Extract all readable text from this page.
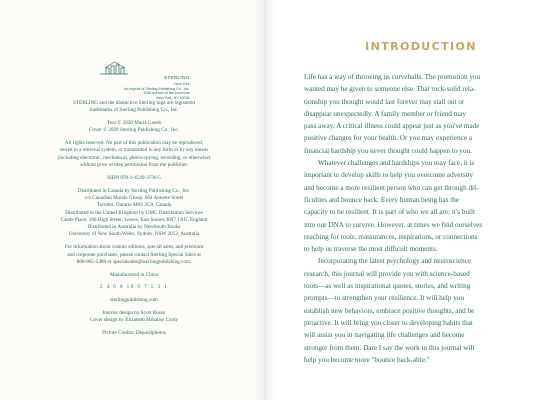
STERLING
New York
An Imprint of Sterling Publishing Co., Inc.
1166 Avenue of the Americas
New York, NY 10036
STERLING and the distinctive Sterling logo are registered
trademarks of Sterling Publishing Co., Inc.
Text © 2020 Maria Gaeeb
Cover © 2020 Sterling Publishing Co., Inc.
All rights reserved. No part of this publication may be reproduced,
stored in a retrieval system, or transmitted in any form or by any means
(including electronic, mechanical, photocopying, recording, or otherwise)
without prior written permission from the publisher.
ISBN 978-1-4549-3736-5
Distributed in Canada by Sterling Publishing Co., Inc.
c/o Canadian Manda Group, 664 Annette Street
Toronto, Ontario M6S 2C8, Canada
Distributed in the United Kingdom by GMC Distribution Services
Castle Place, 166 High Street, Lewes, East Sussex BN7 1XU, England
Distributed in Australia by NewSouth Books
University of New South Wales, Sydney, NSW 2052, Australia
For information about custom editions, special sales, and premium
and corporate purchases, please contact Sterling Special Sales at
800-805-5489 or specialsales@sterlingpublishing.com.
Manufactured in China
2 4 6 8 10 9 7 5 3 1
sterlingpublishing.com
Interior design by Scott Russo
Cover design by Elizabeth Mihaltse Lindy
Picture Credits: Depositphotos
INTRODUCTION
Life has a way of throwing us curveballs. The promotion you
wanted may be given to someone else. That rock-solid rela-
tionship you thought would last forever may stall out or
disappear unexpectedly. A family member or friend may
pass away. A critical illness could appear just as you've made
positive changes for your health. Or you may experience a
financial hardship you never thought could happen to you.
Whatever challenges and hardships you may face, it is
important to develop skills to help you overcome adversity
and become a more resilient person who can get through dif-
ficulties and bounce back. Every human being has the
capacity to be resilient. It is part of who we all are; it's built
into our DNA to survive. However, at times we find ourselves
reaching for tools, reassurances, inspirations, or connections
to help us traverse the most difficult moments.
Incorporating the latest psychology and neuroscience
research, this journal will provide you with science-based
tools—as well as inspirational quotes, stories, and writing
prompts—to strengthen your resilience. It will help you
establish new behaviors, embrace positive thoughts, and be
proactive. It will bring you closer to developing habits that
will assist you in navigating life challenges and become
stronger from them. Dare I say the work in this journal will
help you become more "bounce back-able."
